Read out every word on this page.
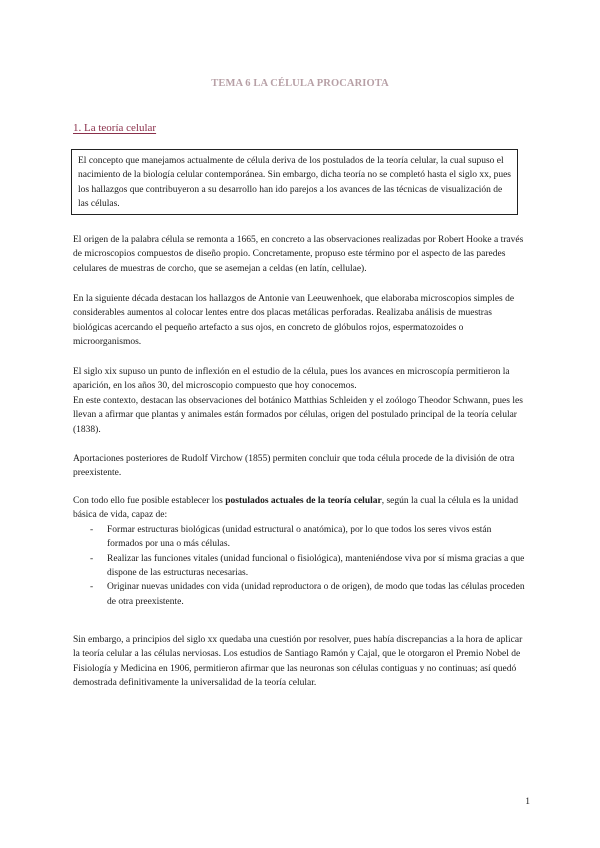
TEMA 6 LA CÉLULA PROCARIOTA
1. La teoría celular
El concepto que manejamos actualmente de célula deriva de los postulados de la teoría celular, la cual supuso el nacimiento de la biología celular contemporánea. Sin embargo, dicha teoría no se completó hasta el siglo xx, pues los hallazgos que contribuyeron a su desarrollo han ido parejos a los avances de las técnicas de visualización de las células.
El origen de la palabra célula se remonta a 1665, en concreto a las observaciones realizadas por Robert Hooke a través de microscopios compuestos de diseño propio. Concretamente, propuso este término por el aspecto de las paredes celulares de muestras de corcho, que se asemejan a celdas (en latín, cellulae).
En la siguiente década destacan los hallazgos de Antonie van Leeuwenhoek, que elaboraba microscopios simples de considerables aumentos al colocar lentes entre dos placas metálicas perforadas. Realizaba análisis de muestras biológicas acercando el pequeño artefacto a sus ojos, en concreto de glóbulos rojos, espermatozoides o microorganismos.

El siglo xix supuso un punto de inflexión en el estudio de la célula, pues los avances en microscopía permitieron la aparición, en los años 30, del microscopio compuesto que hoy conocemos.

En este contexto, destacan las observaciones del botánico Matthias Schleiden y el zoólogo Theodor Schwann, pues les llevan a afirmar que plantas y animales están formados por células, origen del postulado principal de la teoría celular (1838).

Aportaciones posteriores de Rudolf Virchow (1855) permiten concluir que toda célula procede de la división de otra preexistente.

Con todo ello fue posible establecer los postulados actuales de la teoría celular, según la cual la célula es la unidad básica de vida, capaz de:

- Formar estructuras biológicas (unidad estructural o anatómica), por lo que todos los seres vivos están formados por una o más células.
- Realizar las funciones vitales (unidad funcional o fisiológica), manteniéndose viva por sí misma gracias a que dispone de las estructuras necesarias.
- Originar nuevas unidades con vida (unidad reproductora o de origen), de modo que todas las células proceden de otra preexistente.
Sin embargo, a principios del siglo xx quedaba una cuestión por resolver, pues había discrepancias a la hora de aplicar la teoría celular a las células nerviosas. Los estudios de Santiago Ramón y Cajal, que le otorgaron el Premio Nobel de Fisiología y Medicina en 1906, permitieron afirmar que las neuronas son células contiguas y no continuas; así quedó demostrada definitivamente la universalidad de la teoría celular.
1
